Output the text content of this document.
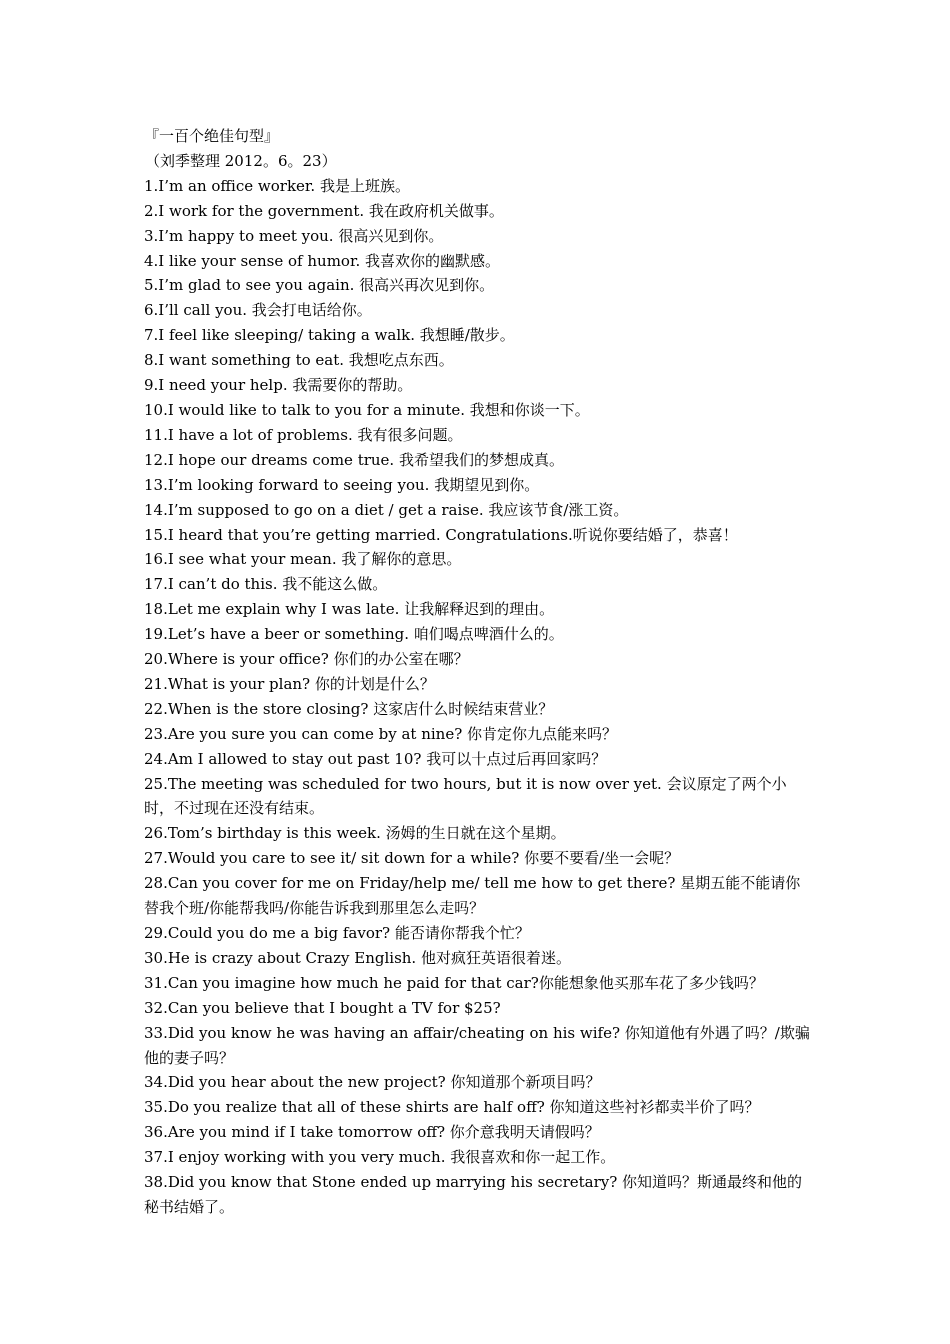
『一百个绝佳句型』

（刘季整理 2012。6。23）

1.I’m an office worker. 我是上班族。

2.I work for the government. 我在政府机关做事。

3.I’m happy to meet you. 很高兴见到你。

4.I like your sense of humor. 我喜欢你的幽默感。

5.I’m glad to see you again. 很高兴再次见到你。

6.I’ll call you. 我会打电话给你。

7.I feel like sleeping/ taking a walk. 我想睡/散步。

8.I want something to eat. 我想吃点东西。

9.I need your help. 我需要你的帮助。

10.I would like to talk to you for a minute. 我想和你谈一下。

11.I have a lot of problems. 我有很多问题。

12.I hope our dreams come true. 我希望我们的梦想成真。

13.I’m looking forward to seeing you. 我期望见到你。

14.I’m supposed to go on a diet / get a raise. 我应该节食/涨工资。

15.I heard that you’re getting married. Congratulations.听说你要结婚了，恭喜！

16.I see what your mean. 我了解你的意思。

17.I can’t do this. 我不能这么做。

18.Let me explain why I was late. 让我解释迟到的理由。

19.Let’s have a beer or something. 咱们喝点啤酒什么的。

20.Where is your office? 你们的办公室在哪？

21.What is your plan? 你的计划是什么？

22.When is the store closing? 这家店什么时候结束营业？

23.Are you sure you can come by at nine? 你肯定你九点能来吗？

24.Am I allowed to stay out past 10? 我可以十点过后再回家吗？

25.The meeting was scheduled for two hours, but it is now over yet. 会议原定了两个小时，不过现在还没有结束。

26.Tom’s birthday is this week. 汤姆的生日就在这个星期。

27.Would you care to see it/ sit down for a while? 你要不要看/坐一会呢？

28.Can you cover for me on Friday/help me/ tell me how to get there? 星期五能不能请你替我个班/你能帮我吗/你能告诉我到那里怎么走吗？

29.Could you do me a big favor? 能否请你帮我个忙？

30.He is crazy about Crazy English. 他对疯狂英语很着迷。

31.Can you imagine how much he paid for that car?你能想象他买那车花了多少钱吗？

32.Can you believe that I bought a TV for $25?

33.Did you know he was having an affair/cheating on his wife? 你知道他有外遇了吗？/欺骗他的妻子吗？

34.Did you hear about the new project? 你知道那个新项目吗？

35.Do you realize that all of these shirts are half off? 你知道这些衬衫都卖半价了吗？

36.Are you mind if I take tomorrow off? 你介意我明天请假吗？

37.I enjoy working with you very much. 我很喜欢和你一起工作。

38.Did you know that Stone ended up marrying his secretary? 你知道吗？斯通最终和他的秘书结婚了。
